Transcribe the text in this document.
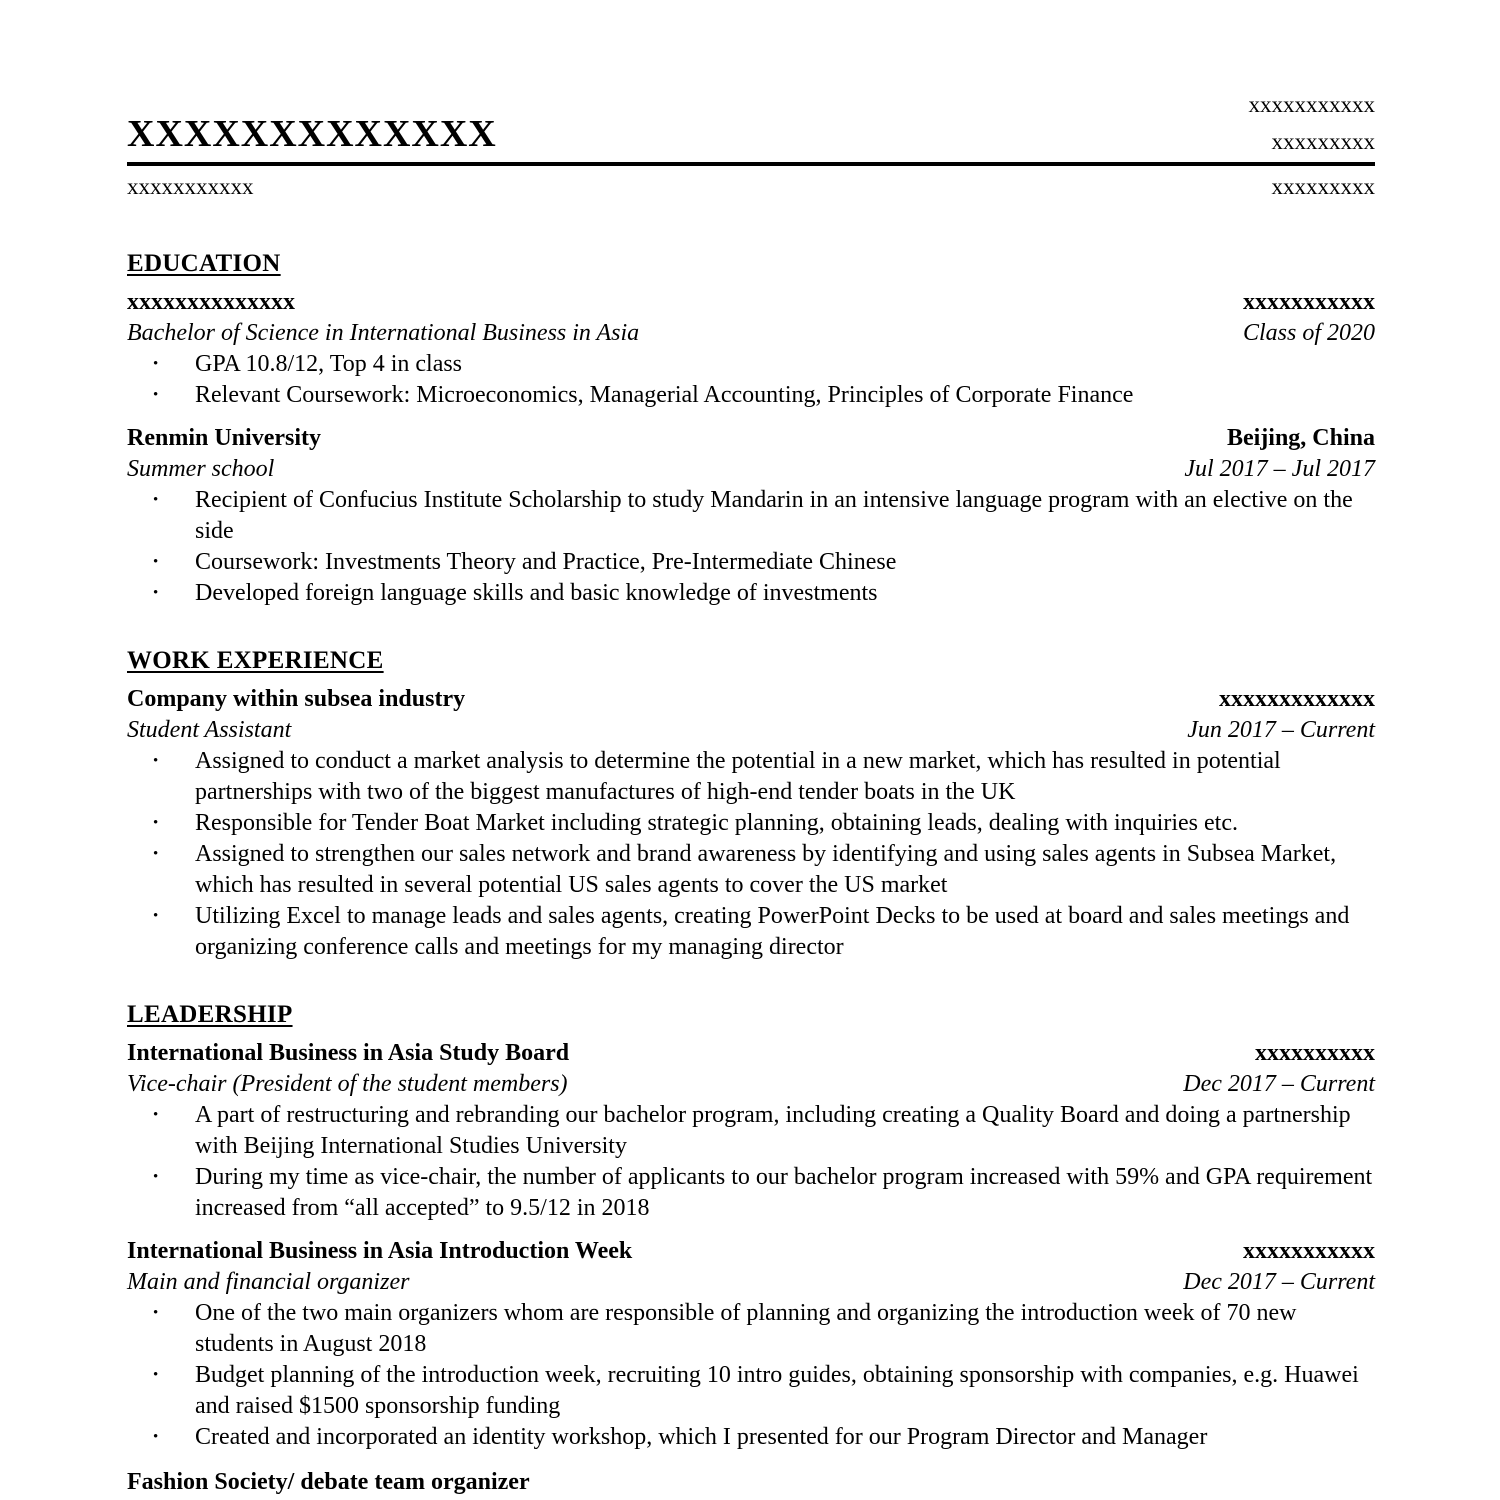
XXXXXXXXXXXXX
xxxxxxxxxxx
xxxxxxxxx
xxxxxxxxxxx	xxxxxxxxx
EDUCATION
xxxxxxxxxxxxxx	xxxxxxxxxxx
Bachelor of Science in International Business in Asia	Class of 2020
•	GPA 10.8/12, Top 4 in class
•	Relevant Coursework: Microeconomics, Managerial Accounting, Principles of Corporate Finance
Renmin University	Beijing, China
Summer school	Jul 2017 – Jul 2017
•	Recipient of Confucius Institute Scholarship to study Mandarin in an intensive language program with an elective on the side
•	Coursework: Investments Theory and Practice, Pre-Intermediate Chinese
•	Developed foreign language skills and basic knowledge of investments
WORK EXPERIENCE
Company within subsea industry	xxxxxxxxxxxxx
Student Assistant	Jun 2017 – Current
•	Assigned to conduct a market analysis to determine the potential in a new market, which has resulted in potential partnerships with two of the biggest manufactures of high-end tender boats in the UK
•	Responsible for Tender Boat Market including strategic planning, obtaining leads, dealing with inquiries etc.
•	Assigned to strengthen our sales network and brand awareness by identifying and using sales agents in Subsea Market, which has resulted in several potential US sales agents to cover the US market
•	Utilizing Excel to manage leads and sales agents, creating PowerPoint Decks to be used at board and sales meetings and organizing conference calls and meetings for my managing director
LEADERSHIP
International Business in Asia Study Board	xxxxxxxxxx
Vice-chair (President of the student members)	Dec 2017 – Current
•	A part of restructuring and rebranding our bachelor program, including creating a Quality Board and doing a partnership with Beijing International Studies University
•	During my time as vice-chair, the number of applicants to our bachelor program increased with 59% and GPA requirement increased from “all accepted” to 9.5/12 in 2018
International Business in Asia Introduction Week	xxxxxxxxxxx
Main and financial organizer	Dec 2017 – Current
•	One of the two main organizers whom are responsible of planning and organizing the introduction week of 70 new students in August 2018
•	Budget planning of the introduction week, recruiting 10 intro guides, obtaining sponsorship with companies, e.g. Huawei and raised $1500 sponsorship funding
•	Created and incorporated an identity workshop, which I presented for our Program Director and Manager
Fashion Society/ debate team organizer
